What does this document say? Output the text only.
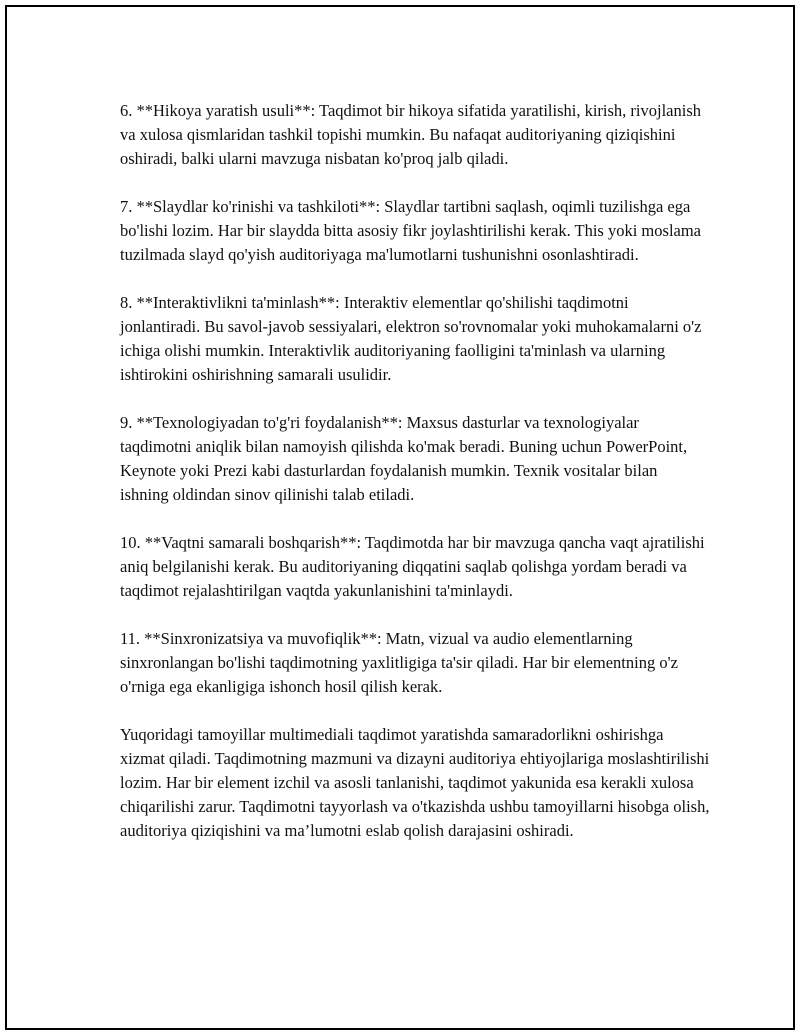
6. **Hikoya yaratish usuli**: Taqdimot bir hikoya sifatida yaratilishi, kirish, rivojlanish va xulosa qismlaridan tashkil topishi mumkin. Bu nafaqat auditoriyaning qiziqishini oshiradi, balki ularni mavzuga nisbatan ko'proq jalb qiladi.

7. **Slaydlar ko'rinishi va tashkiloti**: Slaydlar tartibni saqlash, oqimli tuzilishga ega bo'lishi lozim. Har bir slaydda bitta asosiy fikr joylashtirilishi kerak. This yoki moslama tuzilmada slayd qo'yish auditoriyaga ma'lumotlarni tushunishni osonlashtiradi.

8. **Interaktivlikni ta'minlash**: Interaktiv elementlar qo'shilishi taqdimotni jonlantiradi. Bu savol-javob sessiyalari, elektron so'rovnomalar yoki muhokamalarni o'z ichiga olishi mumkin. Interaktivlik auditoriyaning faolligini ta'minlash va ularning ishtirokini oshirishning samarali usulidir.

9. **Texnologiyadan to'g'ri foydalanish**: Maxsus dasturlar va texnologiyalar taqdimotni aniqlik bilan namoyish qilishda ko'mak beradi. Buning uchun PowerPoint, Keynote yoki Prezi kabi dasturlardan foydalanish mumkin. Texnik vositalar bilan ishning oldindan sinov qilinishi talab etiladi.

10. **Vaqtni samarali boshqarish**: Taqdimotda har bir mavzuga qancha vaqt ajratilishi aniq belgilanishi kerak. Bu auditoriyaning diqqatini saqlab qolishga yordam beradi va taqdimot rejalashtirilgan vaqtda yakunlanishini ta'minlaydi.

11. **Sinxronizatsiya va muvofiqlik**: Matn, vizual va audio elementlarning sinxronlangan bo'lishi taqdimotning yaxlitligiga ta'sir qiladi. Har bir elementning o'z o'rniga ega ekanligiga ishonch hosil qilish kerak.

Yuqoridagi tamoyillar multimediali taqdimot yaratishda samaradorlikni oshirishga xizmat qiladi. Taqdimotning mazmuni va dizayni auditoriya ehtiyojlariga moslashtirilishi lozim. Har bir element izchil va asosli tanlanishi, taqdimot yakunida esa kerakli xulosa chiqarilishi zarur. Taqdimotni tayyorlash va o'tkazishda ushbu tamoyillarni hisobga olish, auditoriya qiziqishini va ma’lumotni eslab qolish darajasini oshiradi.
